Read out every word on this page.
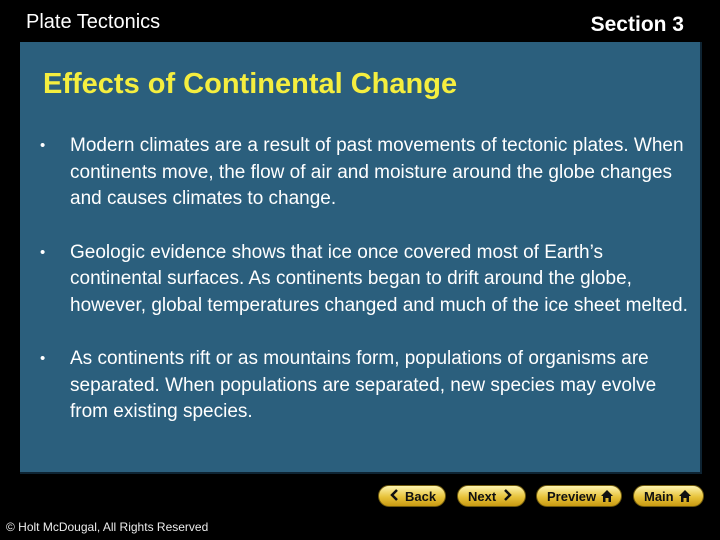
Plate Tectonics	Section 3
Effects of Continental Change
• Modern climates are a result of past movements of tectonic plates. When continents move, the flow of air and moisture around the globe changes and causes climates to change.
• Geologic evidence shows that ice once covered most of Earth’s continental surfaces. As continents began to drift around the globe, however, global temperatures changed and much of the ice sheet melted.
• As continents rift or as mountains form, populations of organisms are separated. When populations are separated, new species may evolve from existing species.
Back Next	Preview	Main
© Holt McDougal, All Rights Reserved
